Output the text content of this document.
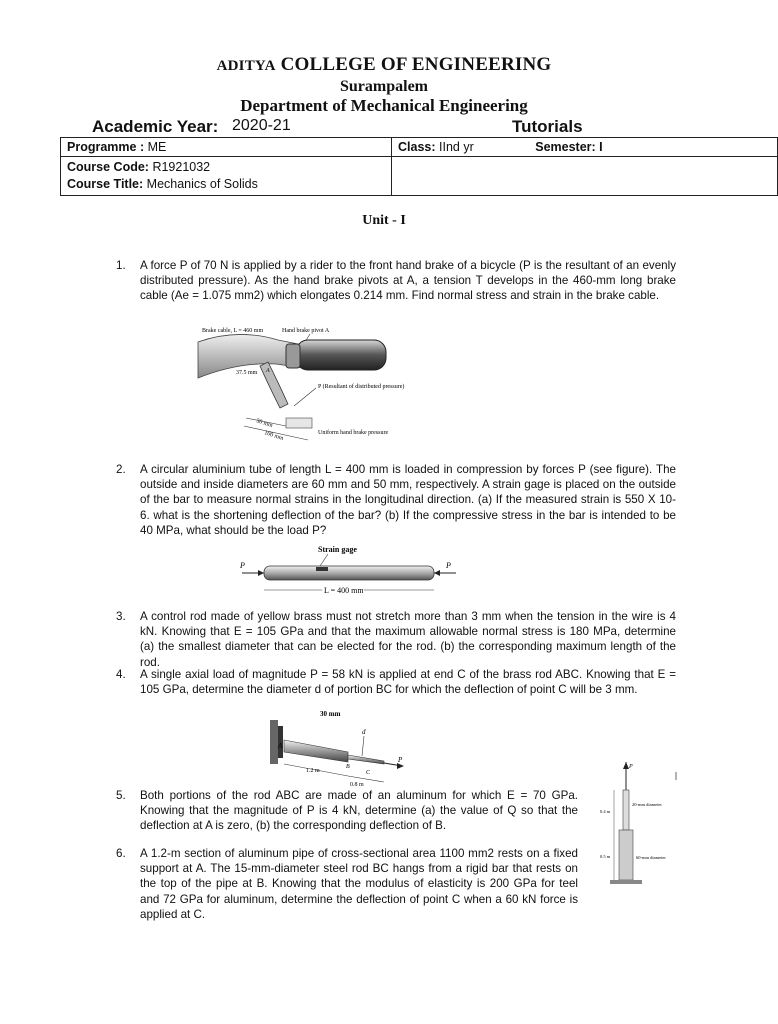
ADITYA COLLEGE OF ENGINEERING
Surampalem
Department of Mechanical Engineering
Academic Year: 2020-21	Tutorials
Programme : ME	Class: IInd yr Semester: I

Course Code: R1921032
Course Title: Mechanics of Solids	

Unit - I
1. A force P of 70 N is applied by a rider to the front hand brake of a bicycle (P is the resultant of an evenly distributed pressure). As the hand brake pivots at A, a tension T develops in the 460-mm long brake cable (Ae = 1.075 mm2) which elongates 0.214 mm. Find normal stress and strain in the brake cable.
Brake cable, L = 460 mm	Hand brake pivot A
37.5 mm A
P (Resultant of distributed pressure)
Uniform hand brake pressure
50 mm
100 mm
2. A circular aluminium tube of length L = 400 mm is loaded in compression by forces P (see figure). The outside and inside diameters are 60 mm and 50 mm, respectively. A strain gage is placed on the outside of the bar to measure normal strains in the longitudinal direction. (a) If the measured strain is 550 X 10-6. what is the shortening deflection of the bar? (b) If the compressive stress in the bar is intended to be 40 MPa, what should be the load P?
Strain gage
P	P
L = 400 mm
3. A control rod made of yellow brass must not stretch more than 3 mm when the tension in the wire is 4 kN. Knowing that E = 105 GPa and that the maximum allowable normal stress is 180 MPa, determine (a) the smallest diameter that can be elected for the rod. (b) the corresponding maximum length of the rod.
4. A single axial load of magnitude P = 58 kN is applied at end C of the brass rod ABC. Knowing that E = 105 GPa, determine the diameter d of portion BC for which the deflection of point C will be 3 mm.
30 mm
A
d
P
B
C
1.2 m
0.8 m
5. Both portions of the rod ABC are made of an aluminum for which E = 70 GPa. Knowing that the magnitude of P is 4 kN, determine (a) the value of Q so that the deflection at A is zero, (b) the corresponding deflection of B.
P
0.4 m
0.5 m
20-mm diameter
60-mm diameter
6. A 1.2-m section of aluminum pipe of cross-sectional area 1100 mm2 rests on a fixed support at A. The 15-mm-diameter steel rod BC hangs from a rigid bar that rests on the top of the pipe at B. Knowing that the modulus of elasticity is 200 GPa for teel and 72 GPa for aluminum, determine the deflection of point C when a 60 kN force is applied at C.
